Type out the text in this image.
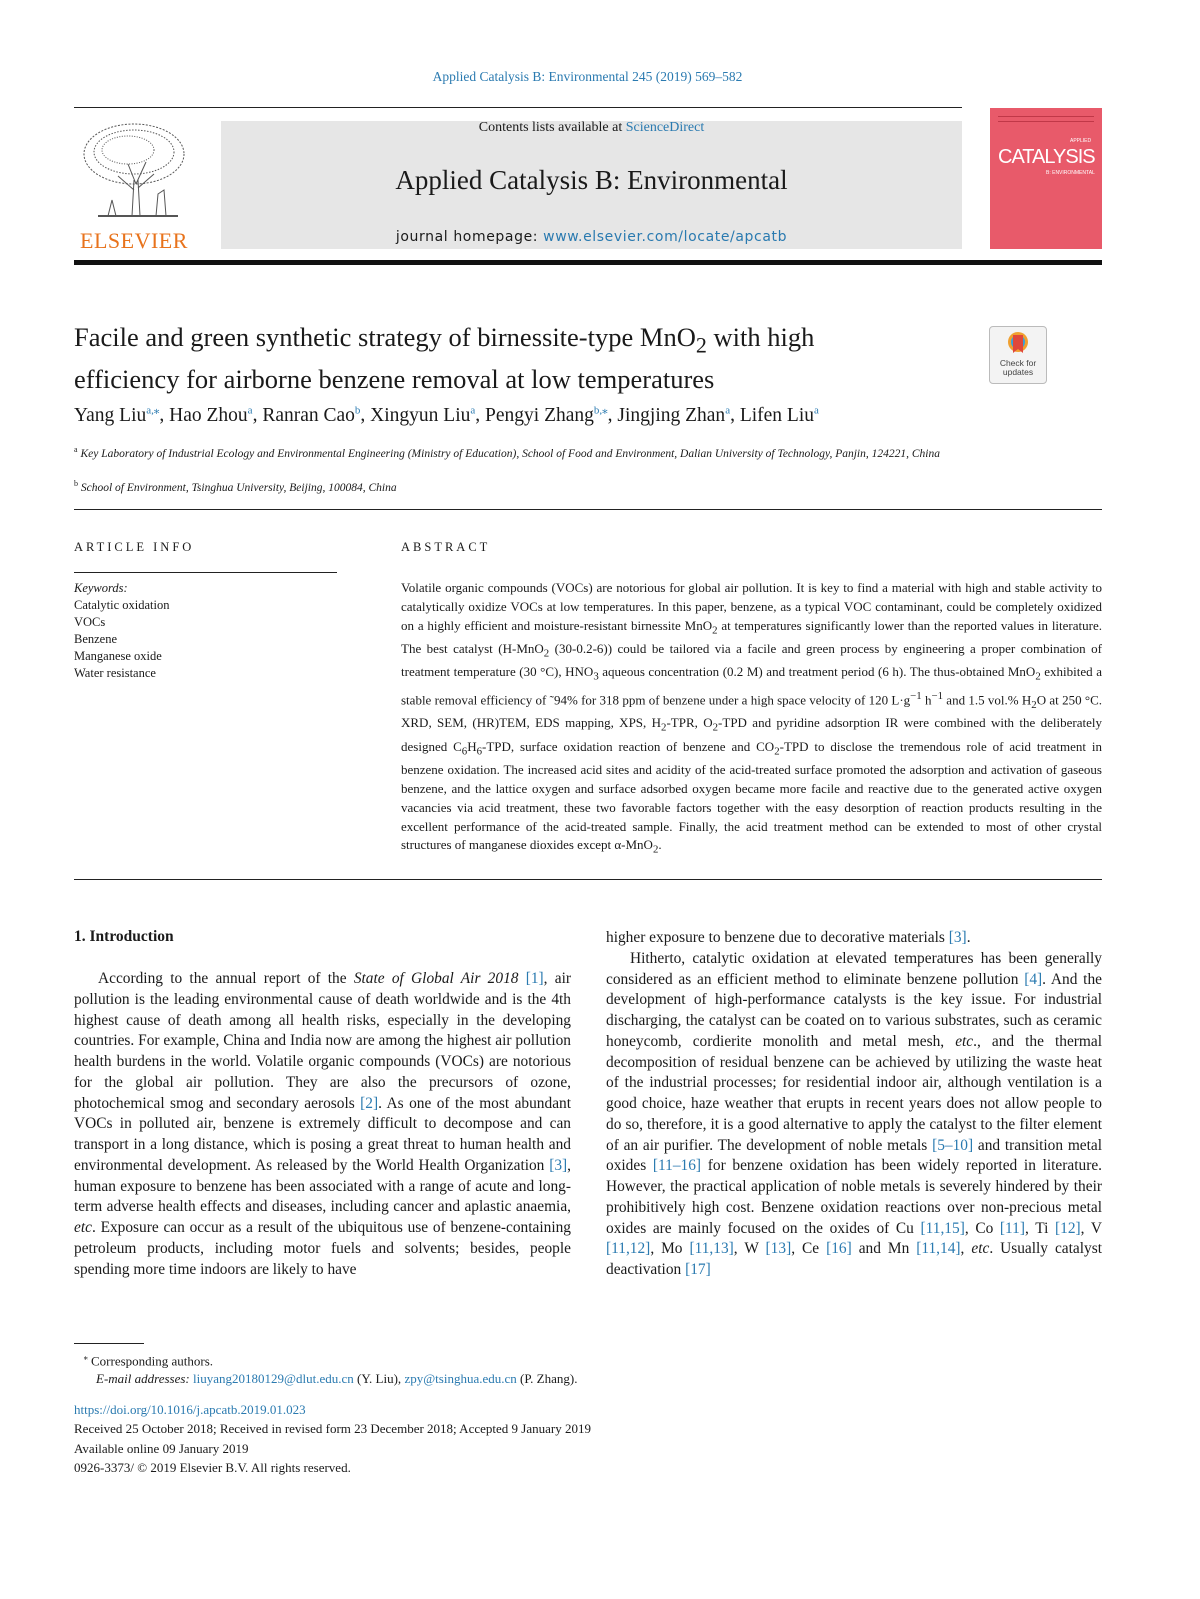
Applied Catalysis B: Environmental 245 (2019) 569–582
ELSEVIER
Contents lists available at ScienceDirect
Applied Catalysis B: Environmental
journal homepage: www.elsevier.com/locate/apcatb
APPLIED
CATALYSIS
B: ENVIRONMENTAL
Facile and green synthetic strategy of birnessite-type MnO$_2$ with high
efficiency for airborne benzene removal at low temperatures
Check for
updates
Yang Liu$^{a,⁎}$, Hao Zhou$^a$, Ranran Cao$^b$, Xingyun Liu$^a$, Pengyi Zhang$^{b,⁎}$, Jingjing Zhan$^a$, Lifen Liu$^a$
$^a$ Key Laboratory of Industrial Ecology and Environmental Engineering (Ministry of Education), School of Food and Environment, Dalian University of Technology, Panjin, 124221, China
$^b$ School of Environment, Tsinghua University, Beijing, 100084, China
ARTICLE INFO
Keywords:
Catalytic oxidation
VOCs
Benzene
Manganese oxide
Water resistance
ABSTRACT
Volatile organic compounds (VOCs) are notorious for global air pollution. It is key to find a material with high and stable activity to catalytically oxidize VOCs at low temperatures. In this paper, benzene, as a typical VOC contaminant, could be completely oxidized on a highly efficient and moisture-resistant birnessite MnO$_2$ at temperatures significantly lower than the reported values in literature. The best catalyst (H-MnO$_2$ (30-0.2-6)) could be tailored via a facile and green process by engineering a proper combination of treatment temperature (30 °C), $HNO_3$ aqueous concentration (0.2 M) and treatment period (6 h). The thus-obtained MnO$_2$ exhibited a stable removal efficiency of ˜94% for 318 ppm of benzene under a high space velocity of 120 $L\cdot g^{-1}$ $h^{-1}$ and 1.5 vol.% $H_2O$ at 250 °C. XRD, SEM, (HR)TEM, EDS mapping, XPS, $H_2$-TPR, $O_2$-TPD and pyridine adsorption IR were combined with the deliberately designed $C_6H_6$-TPD, surface oxidation reaction of benzene and $CO_2$-TPD to disclose the tremendous role of acid treatment in benzene oxidation. The increased acid sites and acidity of the acid-treated surface promoted the adsorption and activation of gaseous benzene, and the lattice oxygen and surface adsorbed oxygen became more facile and reactive due to the generated active oxygen vacancies via acid treatment, these two favorable factors together with the easy desorption of reaction products resulting in the excellent performance of the acid-treated sample. Finally, the acid treatment method can be extended to most of other crystal structures of manganese dioxides except α-MnO$_2$.
1. Introduction

According to the annual report of the State of Global Air 2018 [1], air pollution is the leading environmental cause of death worldwide and is the 4th highest cause of death among all health risks, especially in the developing countries. For example, China and India now are among the highest air pollution health burdens in the world. Volatile organic compounds (VOCs) are notorious for the global air pollution. They are also the precursors of ozone, photochemical smog and secondary aerosols [2]. As one of the most abundant VOCs in polluted air, benzene is extremely difficult to decompose and can transport in a long distance, which is posing a great threat to human health and environmental development. As released by the World Health Organization [3], human exposure to benzene has been associated with a range of acute and long-term adverse health effects and diseases, including cancer and aplastic anaemia, etc. Exposure can occur as a result of the ubiquitous use of benzene-containing petroleum products, including motor fuels and solvents; besides, people spending more time indoors are likely to have

higher exposure to benzene due to decorative materials [3].

Hitherto, catalytic oxidation at elevated temperatures has been generally considered as an efficient method to eliminate benzene pollution [4]. And the development of high-performance catalysts is the key issue. For industrial discharging, the catalyst can be coated on to various substrates, such as ceramic honeycomb, cordierite monolith and metal mesh, etc., and the thermal decomposition of residual benzene can be achieved by utilizing the waste heat of the industrial processes; for residential indoor air, although ventilation is a good choice, haze weather that erupts in recent years does not allow people to do so, therefore, it is a good alternative to apply the catalyst to the filter element of an air purifier. The development of noble metals [5–10] and transition metal oxides [11–16] for benzene oxidation has been widely reported in literature. However, the practical application of noble metals is severely hindered by their prohibitively high cost. Benzene oxidation reactions over non-precious metal oxides are mainly focused on the oxides of Cu [11,15], Co [11], Ti [12], V [11,12], Mo [11,13], W [13], Ce [16] and Mn [11,14], etc. Usually catalyst deactivation [17]

⁎ Corresponding authors.
E-mail addresses: liuyang20180129@dlut.edu.cn (Y. Liu), zpy@tsinghua.edu.cn (P. Zhang).
https://doi.org/10.1016/j.apcatb.2019.01.023
Received 25 October 2018; Received in revised form 23 December 2018; Accepted 9 January 2019
Available online 09 January 2019
0926-3373/ © 2019 Elsevier B.V. All rights reserved.
